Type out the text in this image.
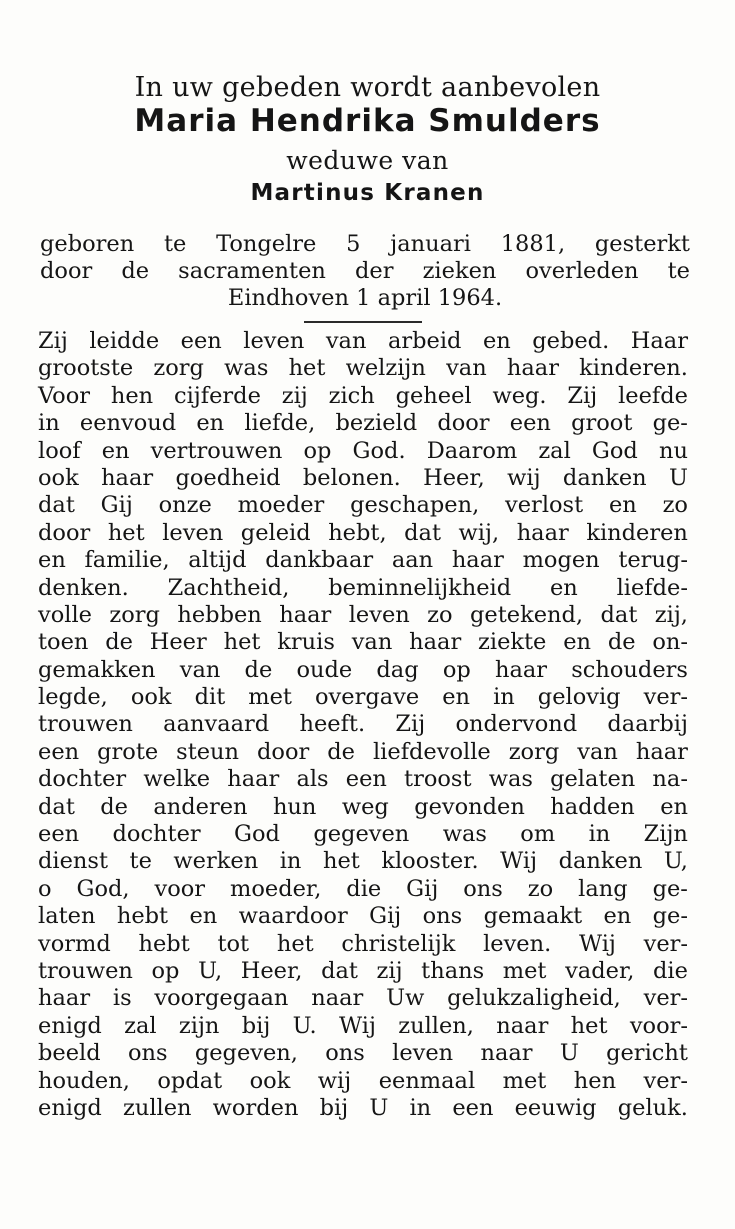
In uw gebeden wordt aanbevolen
Maria Hendrika Smulders
weduwe van
Martinus Kranen
geboren te Tongelre 5 januari 1881, gesterkt
door de sacramenten der zieken overleden te
Eindhoven 1 april 1964.
Zij leidde een leven van arbeid en gebed. Haar
grootste zorg was het welzijn van haar kinderen.
Voor hen cijferde zij zich geheel weg. Zij leefde
in eenvoud en liefde, bezield door een groot ge-
loof en vertrouwen op God. Daarom zal God nu
ook haar goedheid belonen. Heer, wij danken U
dat Gij onze moeder geschapen, verlost en zo
door het leven geleid hebt, dat wij, haar kinderen
en familie, altijd dankbaar aan haar mogen terug-
denken. Zachtheid, beminnelijkheid en liefde-
volle zorg hebben haar leven zo getekend, dat zij,
toen de Heer het kruis van haar ziekte en de on-
gemakken van de oude dag op haar schouders
legde, ook dit met overgave en in gelovig ver-
trouwen aanvaard heeft. Zij ondervond daarbij
een grote steun door de liefdevolle zorg van haar
dochter welke haar als een troost was gelaten na-
dat de anderen hun weg gevonden hadden en
een dochter God gegeven was om in Zijn
dienst te werken in het klooster. Wij danken U,
o God, voor moeder, die Gij ons zo lang ge-
laten hebt en waardoor Gij ons gemaakt en ge-
vormd hebt tot het christelijk leven. Wij ver-
trouwen op U, Heer, dat zij thans met vader, die
haar is voorgegaan naar Uw gelukzaligheid, ver-
enigd zal zijn bij U. Wij zullen, naar het voor-
beeld ons gegeven, ons leven naar U gericht
houden, opdat ook wij eenmaal met hen ver-
enigd zullen worden bij U in een eeuwig geluk.
